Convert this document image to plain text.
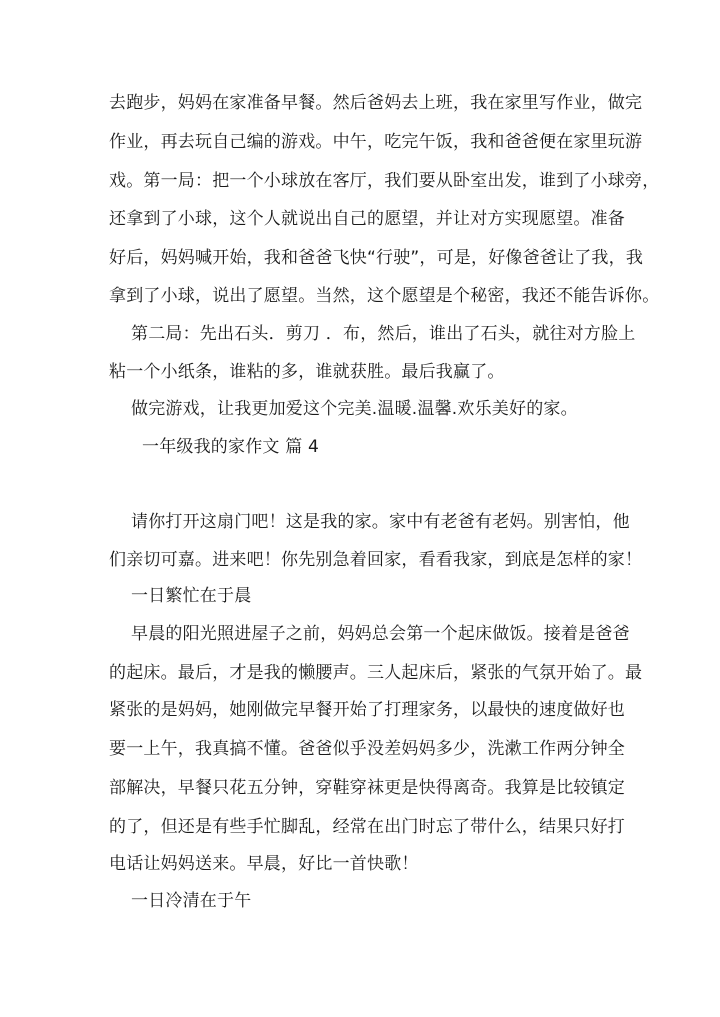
去跑步，妈妈在家准备早餐。然后爸妈去上班，我在家里写作业，做完
作业，再去玩自己编的游戏。中午，吃完午饭，我和爸爸便在家里玩游
戏。第一局：把一个小球放在客厅，我们要从卧室出发，谁到了小球旁，
还拿到了小球，这个人就说出自己的愿望，并让对方实现愿望。准备
好后，妈妈喊开始，我和爸爸飞快“行驶”，可是，好像爸爸让了我，我
拿到了小球，说出了愿望。当然，这个愿望是个秘密，我还不能告诉你。
第二局：先出石头．剪刀 ．布，然后，谁出了石头，就往对方脸上
粘一个小纸条，谁粘的多，谁就获胜。最后我赢了。
做完游戏，让我更加爱这个完美.温暖.温馨.欢乐美好的家。
一年级我的家作文 篇 4
请你打开这扇门吧！这是我的家。家中有老爸有老妈。别害怕，他
们亲切可嘉。进来吧！你先别急着回家，看看我家，到底是怎样的家！
一日繁忙在于晨
早晨的阳光照进屋子之前，妈妈总会第一个起床做饭。接着是爸爸
的起床。最后，才是我的懒腰声。三人起床后，紧张的气氛开始了。最
紧张的是妈妈，她刚做完早餐开始了打理家务，以最快的速度做好也
要一上午，我真搞不懂。爸爸似乎没差妈妈多少，洗漱工作两分钟全
部解决，早餐只花五分钟，穿鞋穿袜更是快得离奇。我算是比较镇定
的了，但还是有些手忙脚乱，经常在出门时忘了带什么，结果只好打
电话让妈妈送来。早晨，好比一首快歌！
一日冷清在于午
